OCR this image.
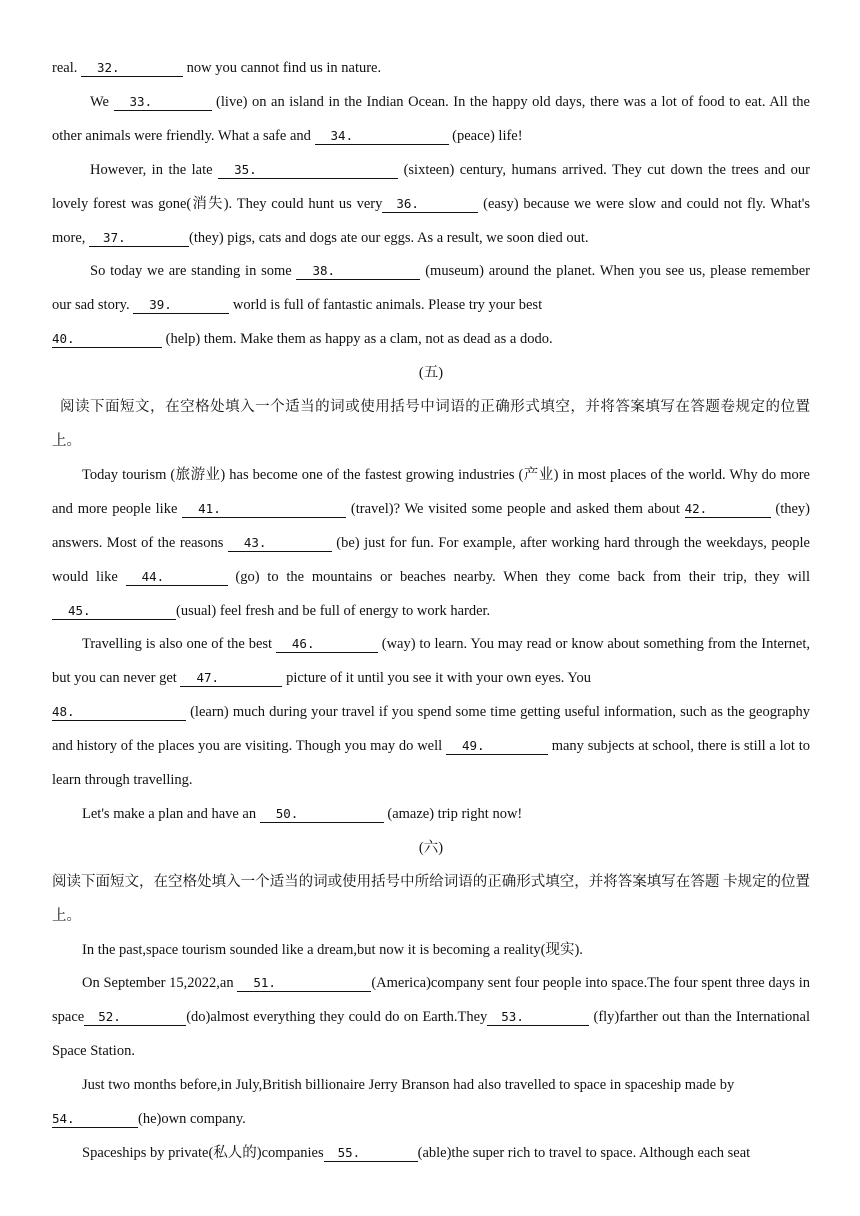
real. 32.	now you cannot find us in nature.

We 33.	(live) on an island in the Indian Ocean. In the happy old days, there was a lot of food to eat. All the other animals were friendly. What a safe and 34.	(peace) life!

However, in the late 35.	(sixteen) century, humans arrived. They cut down the trees and our lovely forest was gone(消失). They could hunt us very 36.	(easy) because we were slow and could not fly. What's more, 37.	(they) pigs, cats and dogs ate our eggs. As a result, we soon died out.

So today we are standing in some 38.	(museum) around the planet. When you see us, please remember our sad story. 39.	world is full of fantastic animals. Please try your best
40.	(help) them. Make them as happy as a clam, not as dead as a dodo.

(五)

阅读下面短文，在空格处填入一个适当的词或使用括号中词语的正确形式填空，并将答案填写在答题卷规定的位置上。

Today tourism (旅游业) has become one of the fastest growing industries (产业) in most places of the world. Why do more and more people like 41.	(travel)? We visited some people and asked them about 42.	(they) answers. Most of the reasons 43.	(be) just for fun. For example, after working hard through the weekdays, people would like 44.	(go) to the mountains or beaches nearby. When they come back from their trip, they will 45.	(usual) feel fresh and be full of energy to work harder.

Travelling is also one of the best 46.	(way) to learn. You may read or know about something from the Internet, but you can never get 47.	picture of it until you see it with your own eyes. You
48.	(learn) much during your travel if you spend some time getting useful information, such as the geography and history of the places you are visiting. Though you may do well 49.	many subjects at school, there is still a lot to learn through travelling.

Let's make a plan and have an 50.	(amaze) trip right now!

(六)

阅读下面短文，在空格处填入一个适当的词或使用括号中所给词语的正确形式填空，并将答案填写在答题 卡规定的位置上。

In the past,space tourism sounded like a dream,but now it is becoming a reality(现实).

On September 15,2022,an 51.	(America)company sent four people into space.The four spent three days in space 52.	(do)almost everything they could do on Earth.They 53.	(fly)farther out than the International Space Station.

Just two months before,in July,British billionaire Jerry Branson had also travelled to space in spaceship made by
54.	(he)own company.

Spaceships by private(私人的)companies 55.	(able)the super rich to travel to space. Although each seat
